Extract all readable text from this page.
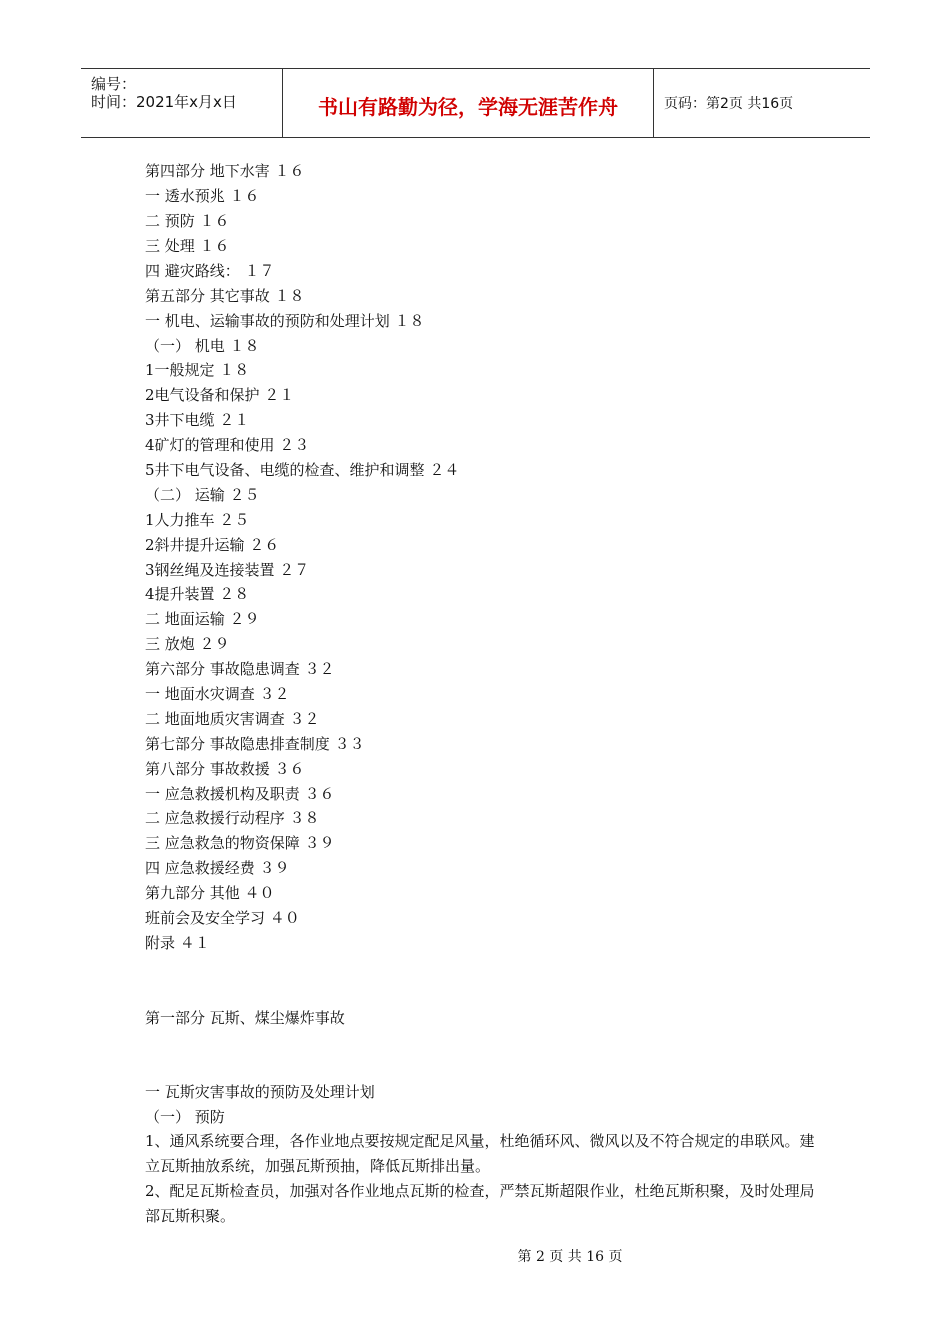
编号：
时间：2021年x月x日	书山有路勤为径，学海无涯苦作舟	页码：第2页 共16页
第四部分 地下水害 １６
一 透水预兆 １６
二 预防 １６
三 处理 １６
四 避灾路线： １７
第五部分 其它事故 １８
一 机电、运输事故的预防和处理计划 １８
（一） 机电 １８
1一般规定 １８
2电气设备和保护 ２１
3井下电缆 ２１
4矿灯的管理和使用 ２３
5井下电气设备、电缆的检查、维护和调整 ２４
（二） 运输 ２５
1人力推车 ２５
2斜井提升运输 ２６
3钢丝绳及连接装置 ２７
4提升装置 ２８
二 地面运输 ２９
三 放炮 ２９
第六部分 事故隐患调查 ３２
一 地面水灾调查 ３２
二 地面地质灾害调查 ３２
第七部分 事故隐患排查制度 ３３
第八部分 事故救援 ３６
一 应急救援机构及职责 ３６
二 应急救援行动程序 ３８
三 应急救急的物资保障 ３９
四 应急救援经费 ３９
第九部分 其他 ４０
班前会及安全学习 ４０
附录 ４１
第一部分 瓦斯、煤尘爆炸事故
一 瓦斯灾害事故的预防及处理计划
（一） 预防
1、通风系统要合理，各作业地点要按规定配足风量，杜绝循环风、微风以及不符合规定的串联风。建立瓦斯抽放系统，加强瓦斯预抽，降低瓦斯排出量。
2、配足瓦斯检查员，加强对各作业地点瓦斯的检查，严禁瓦斯超限作业，杜绝瓦斯积聚，及时处理局部瓦斯积聚。
第 2 页 共 16 页
